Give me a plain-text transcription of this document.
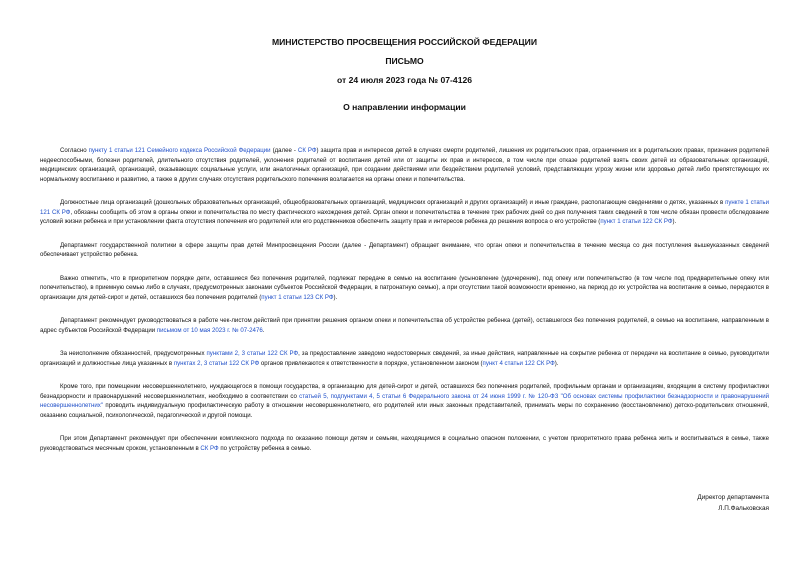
МИНИСТЕРСТВО ПРОСВЕЩЕНИЯ РОССИЙСКОЙ ФЕДЕРАЦИИ
ПИСЬМО
от 24 июля 2023 года № 07-4126
О направлении информации

Согласно пункту 1 статьи 121 Семейного кодекса Российской Федерации (далее - СК РФ) защита прав и интересов детей в случаях смерти родителей, лишения их родительских прав, ограничения их в родительских правах, признания родителей недееспособными, болезни родителей, длительного отсутствия родителей, уклонения родителей от воспитания детей или от защиты их прав и интересов, в том числе при отказе родителей взять своих детей из образовательных организаций, медицинских организаций, организаций, оказывающих социальные услуги, или аналогичных организаций, при создании действиями или бездействием родителей условий, представляющих угрозу жизни или здоровью детей либо препятствующих их нормальному воспитанию и развитию, а также в других случаях отсутствия родительского попечения возлагается на органы опеки и попечительства.

Должностные лица организаций (дошкольных образовательных организаций, общеобразовательных организаций, медицинских организаций и других организаций) и иные граждане, располагающие сведениями о детях, указанных в пункте 1 статьи 121 СК РФ, обязаны сообщить об этом в органы опеки и попечительства по месту фактического нахождения детей. Орган опеки и попечительства в течение трех рабочих дней со дня получения таких сведений в том числе обязан провести обследование условий жизни ребенка и при установлении факта отсутствия попечения его родителей или его родственников обеспечить защиту прав и интересов ребенка до решения вопроса о его устройстве (пункт 1 статьи 122 СК РФ).

Департамент государственной политики в сфере защиты прав детей Минпросвещения России (далее - Департамент) обращает внимание, что орган опеки и попечительства в течение месяца со дня поступления вышеуказанных сведений обеспечивает устройство ребенка.

Важно отметить, что в приоритетном порядке дети, оставшиеся без попечения родителей, подлежат передаче в семью на воспитание (усыновление (удочерение), под опеку или попечительство (в том числе под предварительные опеку или попечительство), в приемную семью либо в случаях, предусмотренных законами субъектов Российской Федерации, в патронатную семью), а при отсутствии такой возможности временно, на период до их устройства на воспитание в семью, передаются в организации для детей-сирот и детей, оставшихся без попечения родителей (пункт 1 статьи 123 СК РФ).

Департамент рекомендует руководствоваться в работе чек-листом действий при принятии решения органом опеки и попечительства об устройстве ребенка (детей), оставшегося без попечения родителей, в семью на воспитание, направленным в адрес субъектов Российской Федерации письмом от 10 мая 2023 г. № 07-2476.

За неисполнение обязанностей, предусмотренных пунктами 2, 3 статьи 122 СК РФ, за предоставление заведомо недостоверных сведений, за иные действия, направленные на сокрытие ребенка от передачи на воспитание в семью, руководители организаций и должностные лица указанных в пунктах 2, 3 статьи 122 СК РФ органов привлекаются к ответственности в порядке, установленном законом (пункт 4 статьи 122 СК РФ).

Кроме того, при помещении несовершеннолетнего, нуждающегося в помощи государства, в организацию для детей-сирот и детей, оставшихся без попечения родителей, профильным органам и организациям, входящим в систему профилактики безнадзорности и правонарушений несовершеннолетних, необходимо в соответствии со статьей 5, подпунктами 4, 5 статьи 6 Федерального закона от 24 июня 1999 г. № 120-ФЗ "Об основах системы профилактики безнадзорности и правонарушений несовершеннолетних" проводить индивидуальную профилактическую работу в отношении несовершеннолетнего, его родителей или иных законных представителей, принимать меры по сохранению (восстановлению) детско-родительских отношений, оказанию социальной, психологической, педагогической и другой помощи.

При этом Департамент рекомендует при обеспечении комплексного подхода по оказанию помощи детям и семьям, находящимся в социально опасном положении, с учетом приоритетного права ребенка жить и воспитываться в семье, также руководствоваться месячным сроком, установленным в СК РФ по устройству ребенка в семью.

Директор департамента
Л.П.Фальковская
